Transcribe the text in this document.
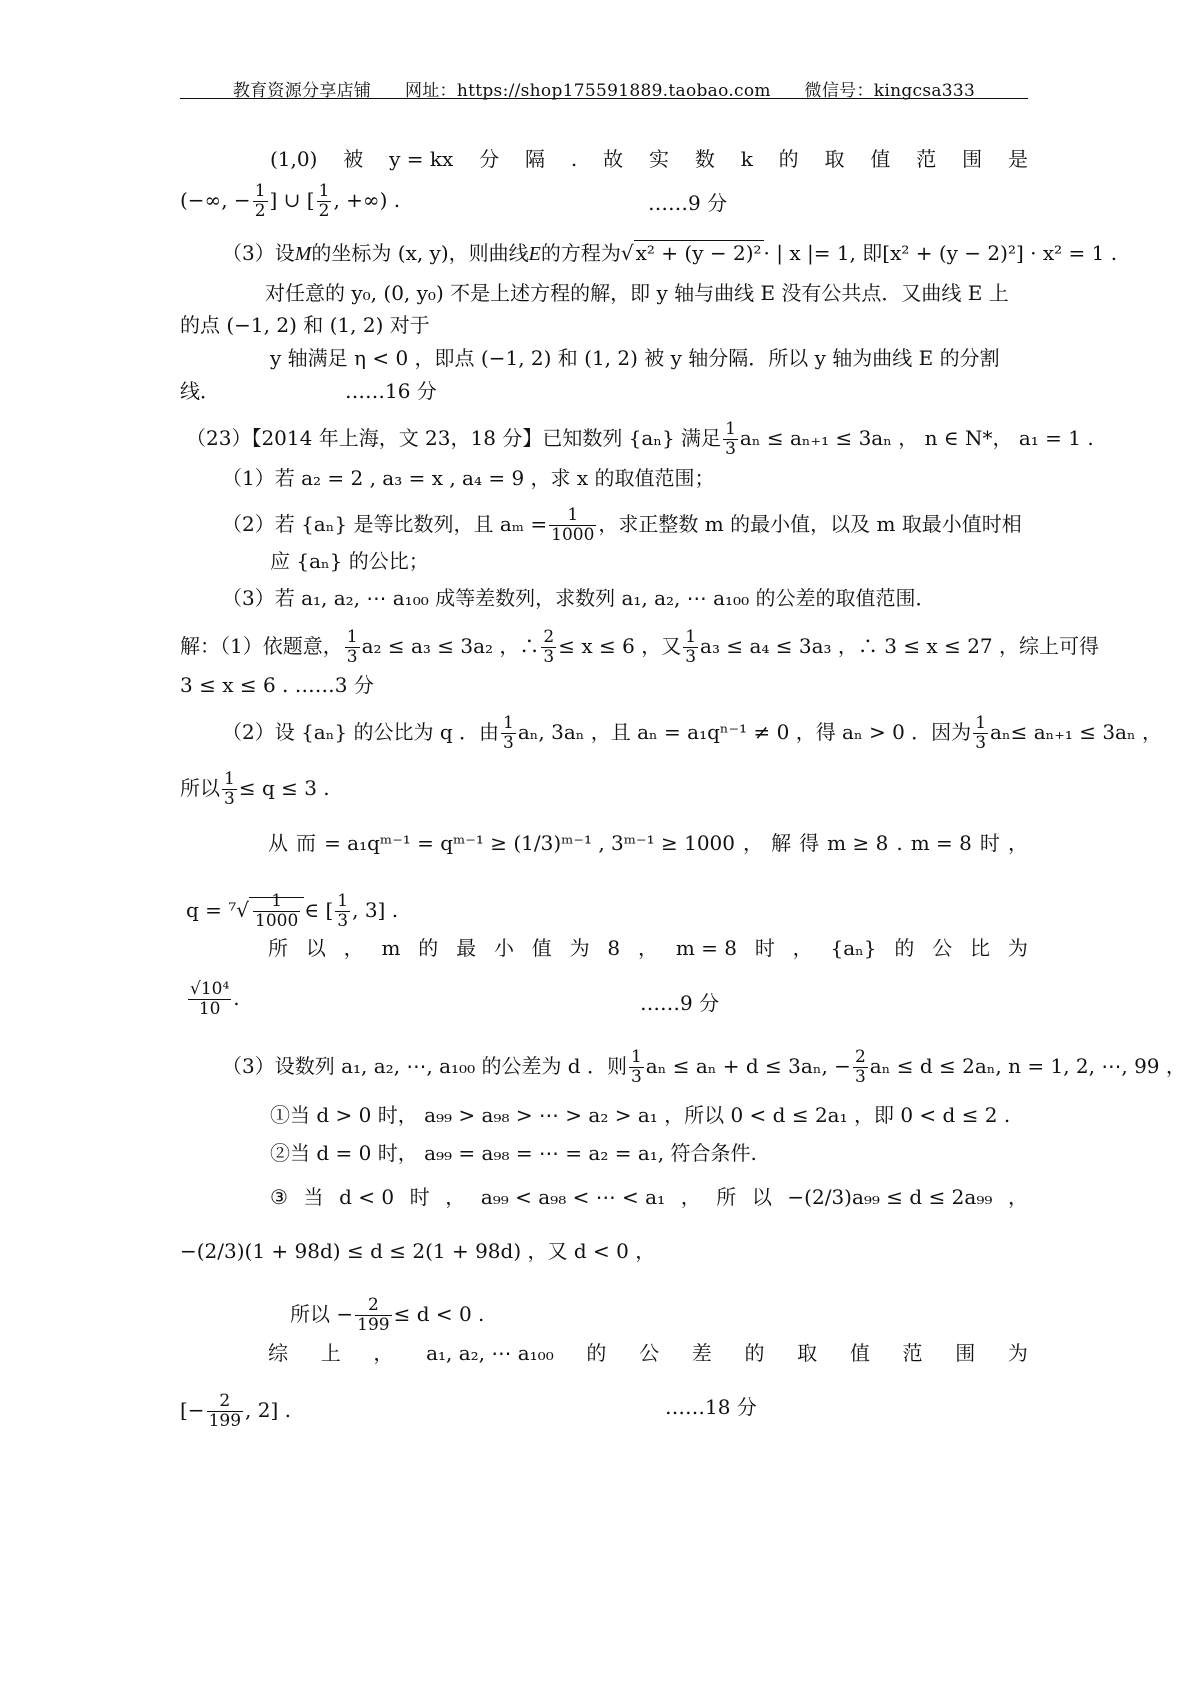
教育资源分享店铺 网址：https://shop175591889.taobao.com 微信号：kingcsa333
(1,0) 被 y = kx 分 隔 . 故 实 数 k 的 取 值 范 围 是
(−∞, − $\frac{1}{2}$ ] ∪ [ $\frac{1}{2}$ , +∞) .	……9 分
（3）设M的坐标为 (x, y)，则曲线E的方程为√ x² + (y − 2)² · | x |= 1, 即[x² + (y − 2)²] · x² = 1 .
对任意的 y₀, (0, y₀) 不是上述方程的解，即 y 轴与曲线 E 没有公共点．又曲线 E 上
的点 (−1, 2) 和 (1, 2) 对于
y 轴满足 η < 0 ，即点 (−1, 2) 和 (1, 2) 被 y 轴分隔．所以 y 轴为曲线 E 的分割
线．	……16 分
（23）【2014 年上海，文 23，18 分】已知数列 {aₙ} 满足 $\frac{1}{3}$ aₙ ≤ aₙ₊₁ ≤ 3aₙ ， n ∈ N*， a₁ = 1 .
（1）若 a₂ = 2 , a₃ = x , a₄ = 9 ，求 x 的取值范围；
（2）若 {aₙ} 是等比数列，且 $a_m = \frac{1}{1000}$ ，求正整数 m 的最小值，以及 m 取最小值时相
应 {aₙ} 的公比；
（3）若 a₁, a₂, ⋯ a₁₀₀ 成等差数列，求数列 a₁, a₂, ⋯ a₁₀₀ 的公差的取值范围．
解：（1）依题意， $\frac{1}{3} a_2 \le a_3 \le 3a_2$ ，∴ $\frac{2}{3} \le x \le 6$ ，又 $\frac{1}{3} a_3 \le a_4 \le 3a_3$ ，∴ 3 ≤ x ≤ 27 ，综上可得
3 ≤ x ≤ 6 . ……3 分
（2）设 {aₙ} 的公比为 q ．由 $\frac{1}{3} a_n$, 3aₙ ，且 aₙ = a₁qⁿ⁻¹ ≠ 0 ，得 aₙ > 0 ．因为 $\frac{1}{3} a_n\le a_{n+1} \le 3a_n$ ，
所以 $\frac{1}{3} \le q \le 3$ .
从 而 = a₁qᵐ⁻¹ = qᵐ⁻¹ ≥ (1/3)ᵐ⁻¹ , 3ᵐ⁻¹ ≥ 1000 ， 解 得 m ≥ 8 . m = 8 时 ，
$q = ^7√ \frac{1}{1000}$ ∈ [ $\frac{1}{3}$ , 3] .
所 以 ， m 的 最 小 值 为 8 ， m = 8 时 ， {aₙ} 的 公 比 为
$\frac{\text{√10⁴}}{10}$ .	……9 分
（3）设数列 a₁, a₂, ⋯, a₁₀₀ 的公差为 d ．则 $\frac{1}{3}$ aₙ ≤ aₙ + d ≤ 3aₙ, − $\frac{2}{3}$ aₙ ≤ d ≤ 2aₙ, n = 1, 2, ⋯, 99 ，
①当 d > 0 时， a₉₉ > a₉₈ > ⋯ > a₂ > a₁ ，所以 0 < d ≤ 2a₁ ，即 0 < d ≤ 2 .
②当 d = 0 时， a₉₉ = a₉₈ = ⋯ = a₂ = a₁, 符合条件.
③ 当 d < 0 时 ， a₉₉ < a₉₈ < ⋯ < a₁ ， 所 以 −(2/3)a₉₉ ≤ d ≤ 2a₉₉ ，
−(2/3)(1 + 98d) ≤ d ≤ 2(1 + 98d) ，又 d < 0 ，
所以 − $\frac{2}{199} \le d < 0$ .
综 上 ， a₁, a₂, ⋯ a₁₀₀ 的 公 差 的 取 值 范 围 为
[− $\frac{2}{199}$ , 2] .	……18 分
